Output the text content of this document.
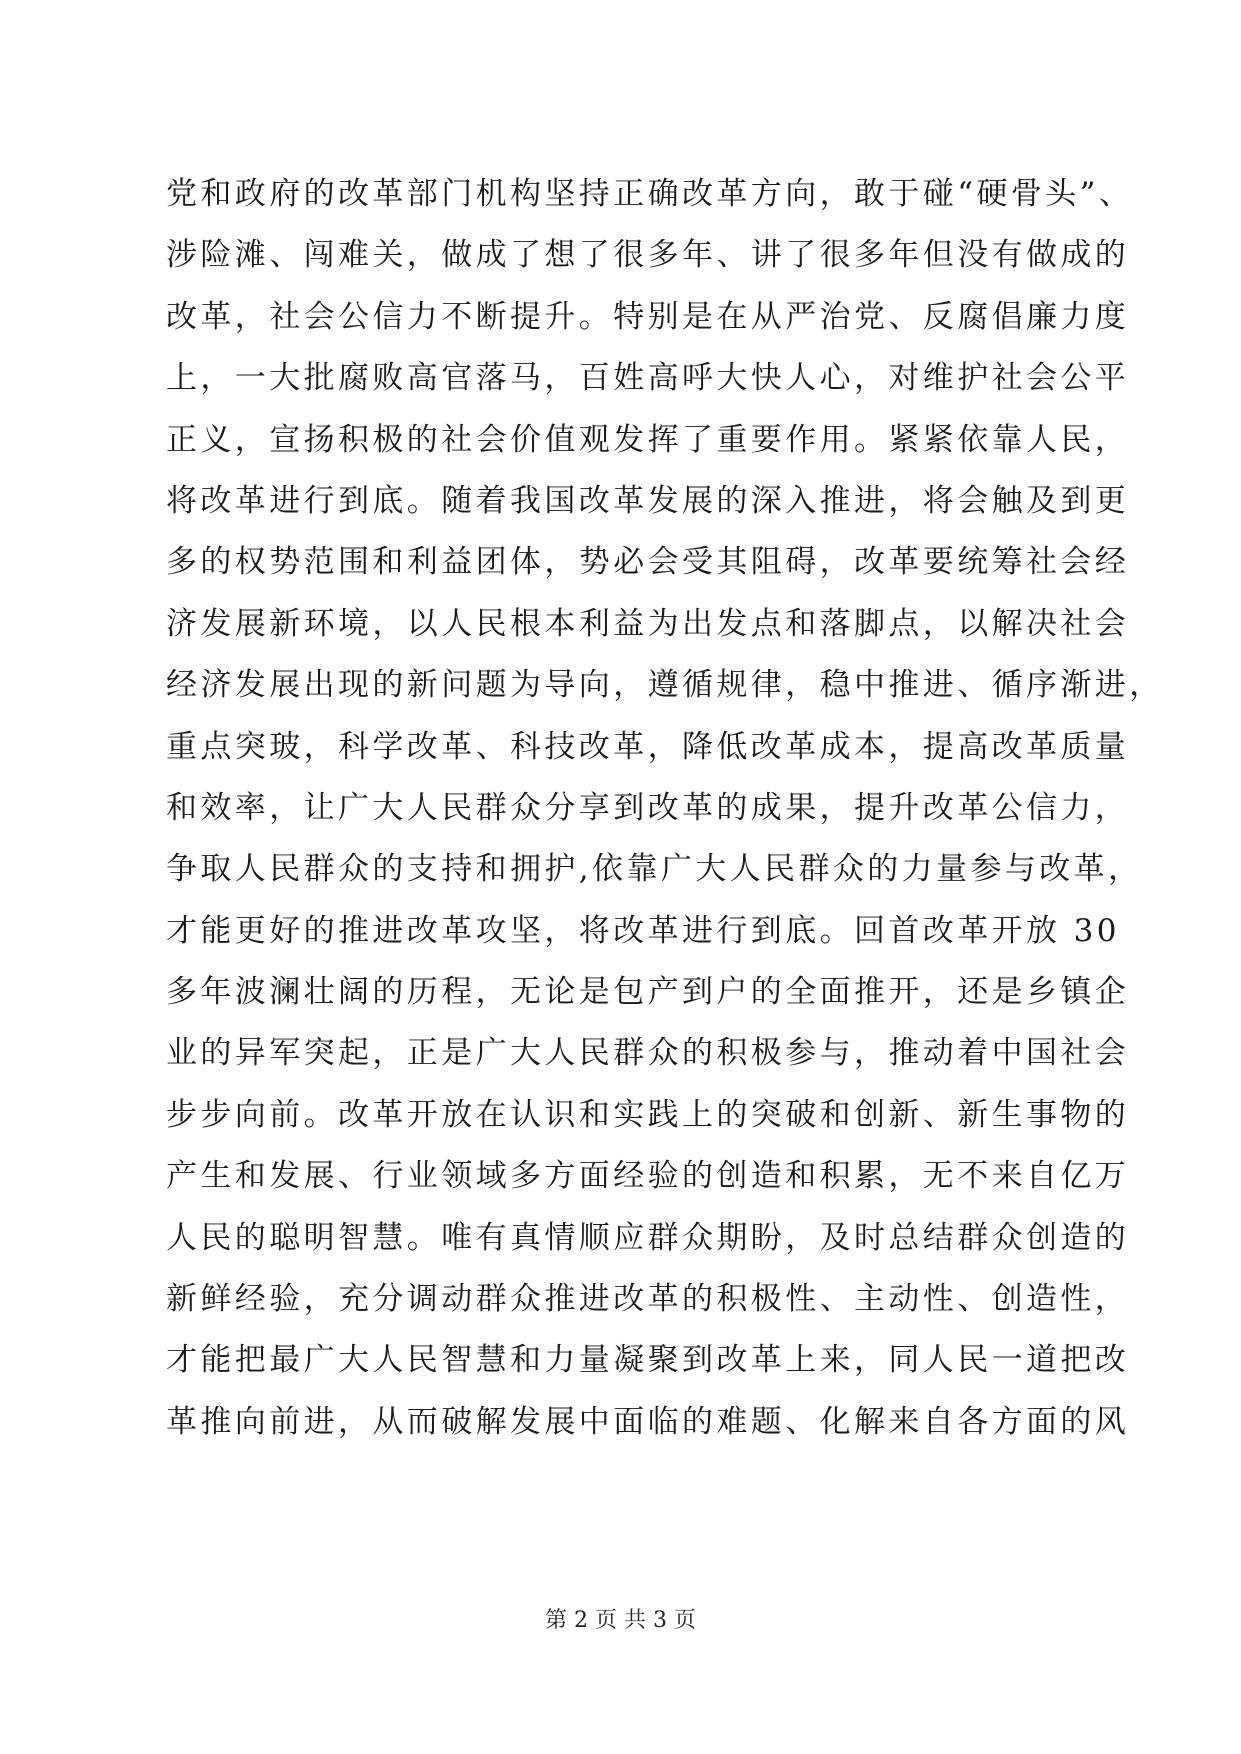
党和政府的改革部门机构坚持正确改革方向，敢于碰“硬骨头”、
涉险滩、闯难关，做成了想了很多年、讲了很多年但没有做成的
改革，社会公信力不断提升。特别是在从严治党、反腐倡廉力度
上，一大批腐败高官落马，百姓高呼大快人心，对维护社会公平
正义，宣扬积极的社会价值观发挥了重要作用。紧紧依靠人民，
将改革进行到底。随着我国改革发展的深入推进，将会触及到更
多的权势范围和利益团体，势必会受其阻碍，改革要统筹社会经
济发展新环境，以人民根本利益为出发点和落脚点，以解决社会
经济发展出现的新问题为导向，遵循规律，稳中推进、循序渐进，
重点突玻，科学改革、科技改革，降低改革成本，提高改革质量
和效率，让广大人民群众分享到改革的成果，提升改革公信力，
争取人民群众的支持和拥护,依靠广大人民群众的力量参与改革，
才能更好的推进改革攻坚，将改革进行到底。回首改革开放 30
多年波澜壮阔的历程，无论是包产到户的全面推开，还是乡镇企
业的异军突起，正是广大人民群众的积极参与，推动着中国社会
步步向前。改革开放在认识和实践上的突破和创新、新生事物的
产生和发展、行业领域多方面经验的创造和积累，无不来自亿万
人民的聪明智慧。唯有真情顺应群众期盼，及时总结群众创造的
新鲜经验，充分调动群众推进改革的积极性、主动性、创造性，
才能把最广大人民智慧和力量凝聚到改革上来，同人民一道把改
革推向前进，从而破解发展中面临的难题、化解来自各方面的风
第 2 页 共 3 页
